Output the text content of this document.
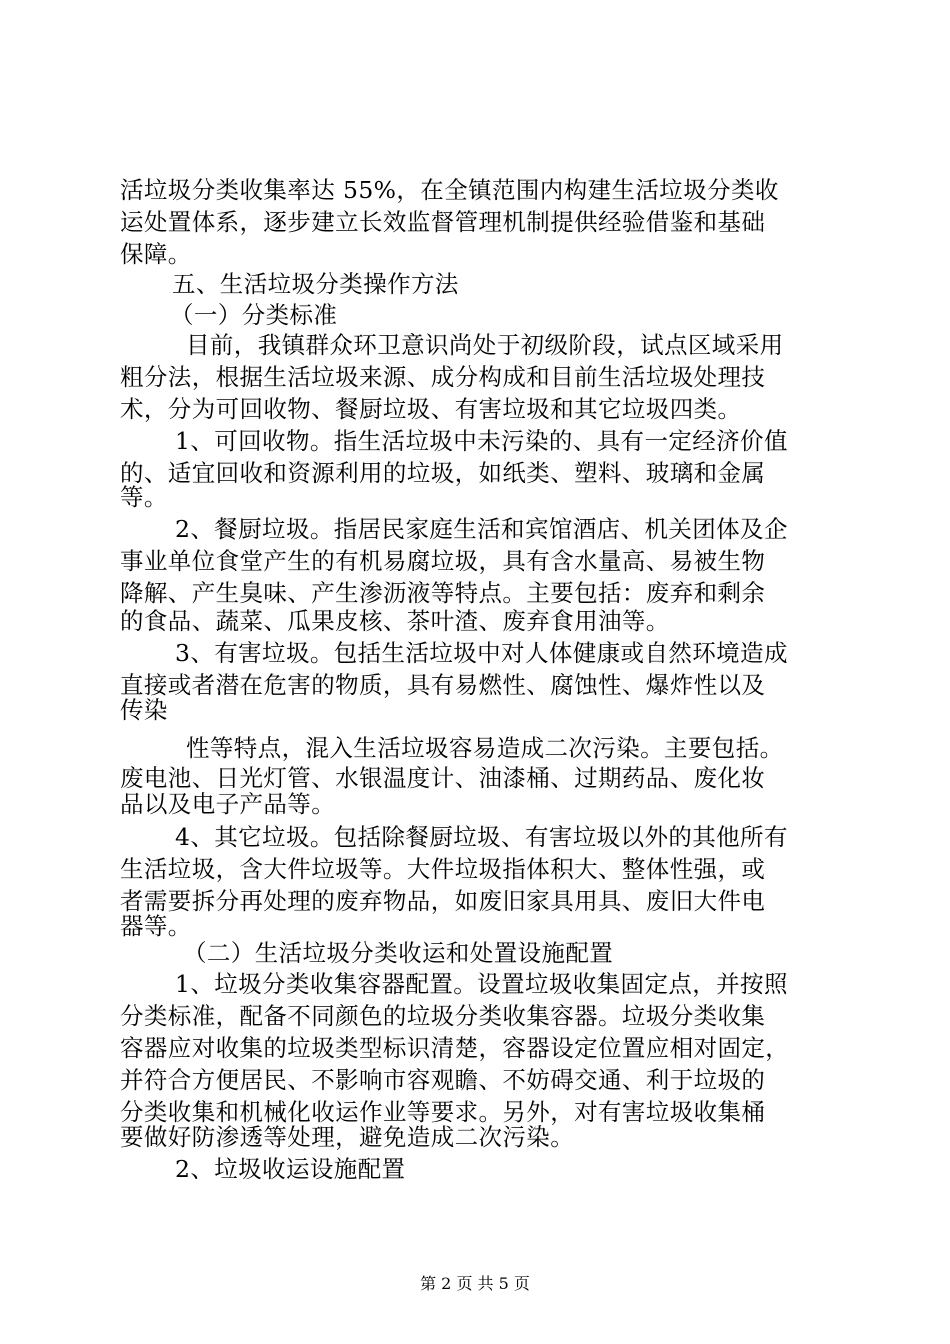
活垃圾分类收集率达 55%，在全镇范围内构建生活垃圾分类收
运处置体系，逐步建立长效监督管理机制提供经验借鉴和基础
保障。
五、生活垃圾分类操作方法
（一）分类标准
目前，我镇群众环卫意识尚处于初级阶段，试点区域采用
粗分法，根据生活垃圾来源、成分构成和目前生活垃圾处理技
术，分为可回收物、餐厨垃圾、有害垃圾和其它垃圾四类。
1、可回收物。指生活垃圾中未污染的、具有一定经济价值
的、适宜回收和资源利用的垃圾，如纸类、塑料、玻璃和金属
等。
2、餐厨垃圾。指居民家庭生活和宾馆酒店、机关团体及企
事业单位食堂产生的有机易腐垃圾，具有含水量高、易被生物
降解、产生臭味、产生渗沥液等特点。主要包括：废弃和剩余
的食品、蔬菜、瓜果皮核、茶叶渣、废弃食用油等。
3、有害垃圾。包括生活垃圾中对人体健康或自然环境造成
直接或者潜在危害的物质，具有易燃性、腐蚀性、爆炸性以及
传染
性等特点，混入生活垃圾容易造成二次污染。主要包括。
废电池、日光灯管、水银温度计、油漆桶、过期药品、废化妆
品以及电子产品等。
4、其它垃圾。包括除餐厨垃圾、有害垃圾以外的其他所有
生活垃圾，含大件垃圾等。大件垃圾指体积大、整体性强，或
者需要拆分再处理的废弃物品，如废旧家具用具、废旧大件电
器等。
（二）生活垃圾分类收运和处置设施配置
1、垃圾分类收集容器配置。设置垃圾收集固定点，并按照
分类标准，配备不同颜色的垃圾分类收集容器。垃圾分类收集
容器应对收集的垃圾类型标识清楚，容器设定位置应相对固定，
并符合方便居民、不影响市容观瞻、不妨碍交通、利于垃圾的
分类收集和机械化收运作业等要求。另外，对有害垃圾收集桶
要做好防渗透等处理，避免造成二次污染。
2、垃圾收运设施配置
第 2 页 共 5 页
